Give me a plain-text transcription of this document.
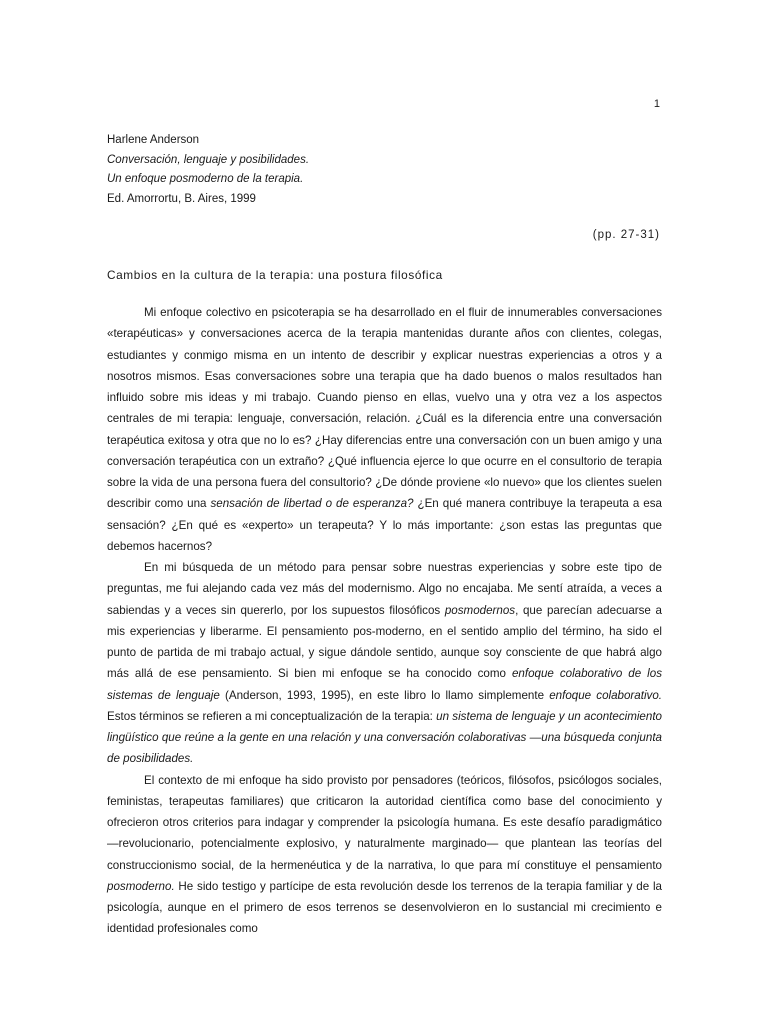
1
Harlene Anderson
Conversación, lenguaje y posibilidades.
Un enfoque posmoderno de la terapia.
Ed. Amorrortu, B. Aires, 1999
(pp. 27-31)
Cambios en la cultura de la terapia: una postura filosófica

Mi enfoque colectivo en psicoterapia se ha desarrollado en el fluir de innumerables conversaciones «terapéuticas» y conversaciones acerca de la terapia mantenidas durante años con clientes, colegas, estudiantes y conmigo misma en un intento de describir y explicar nuestras experiencias a otros y a nosotros mismos. Esas conversaciones sobre una terapia que ha dado buenos o malos resultados han influido sobre mis ideas y mi trabajo. Cuando pienso en ellas, vuelvo una y otra vez a los aspectos centrales de mi terapia: lenguaje, conversación, relación. ¿Cuál es la diferencia entre una conversación terapéutica exitosa y otra que no lo es? ¿Hay diferencias entre una conversación con un buen amigo y una conversación terapéutica con un extraño? ¿Qué influencia ejerce lo que ocurre en el consultorio de terapia sobre la vida de una persona fuera del consultorio? ¿De dónde proviene «lo nuevo» que los clientes suelen describir como una sensación de libertad o de esperanza? ¿En qué manera contribuye la terapeuta a esa sensación? ¿En qué es «experto» un terapeuta? Y lo más importante: ¿son estas las preguntas que debemos hacernos?

En mi búsqueda de un método para pensar sobre nuestras experiencias y sobre este tipo de preguntas, me fui alejando cada vez más del modernismo. Algo no encajaba. Me sentí atraída, a veces a sabiendas y a veces sin quererlo, por los supuestos filosóficos posmodernos, que parecían adecuarse a mis experiencias y liberarme. El pensamiento pos-moderno, en el sentido amplio del término, ha sido el punto de partida de mi trabajo actual, y sigue dándole sentido, aunque soy consciente de que habrá algo más allá de ese pensamiento. Si bien mi enfoque se ha conocido como enfoque colaborativo de los sistemas de lenguaje (Anderson, 1993, 1995), en este libro lo llamo simplemente enfoque colaborativo. Estos términos se refieren a mi conceptualización de la terapia: un sistema de lenguaje y un acontecimiento lingüístico que reúne a la gente en una relación y una conversación colaborativas —una búsqueda conjunta de posibilidades.

El contexto de mi enfoque ha sido provisto por pensadores (teóricos, filósofos, psicólogos sociales, feministas, terapeutas familiares) que criticaron la autoridad científica como base del conocimiento y ofrecieron otros criterios para indagar y comprender la psicología humana. Es este desafío paradigmático —revolucionario, potencialmente explosivo, y naturalmente marginado— que plantean las teorías del construccionismo social, de la hermenéutica y de la narrativa, lo que para mí constituye el pensamiento posmoderno. He sido testigo y partícipe de esta revolución desde los terrenos de la terapia familiar y de la psicología, aunque en el primero de esos terrenos se desenvolvieron en lo sustancial mi crecimiento e identidad profesionales como
